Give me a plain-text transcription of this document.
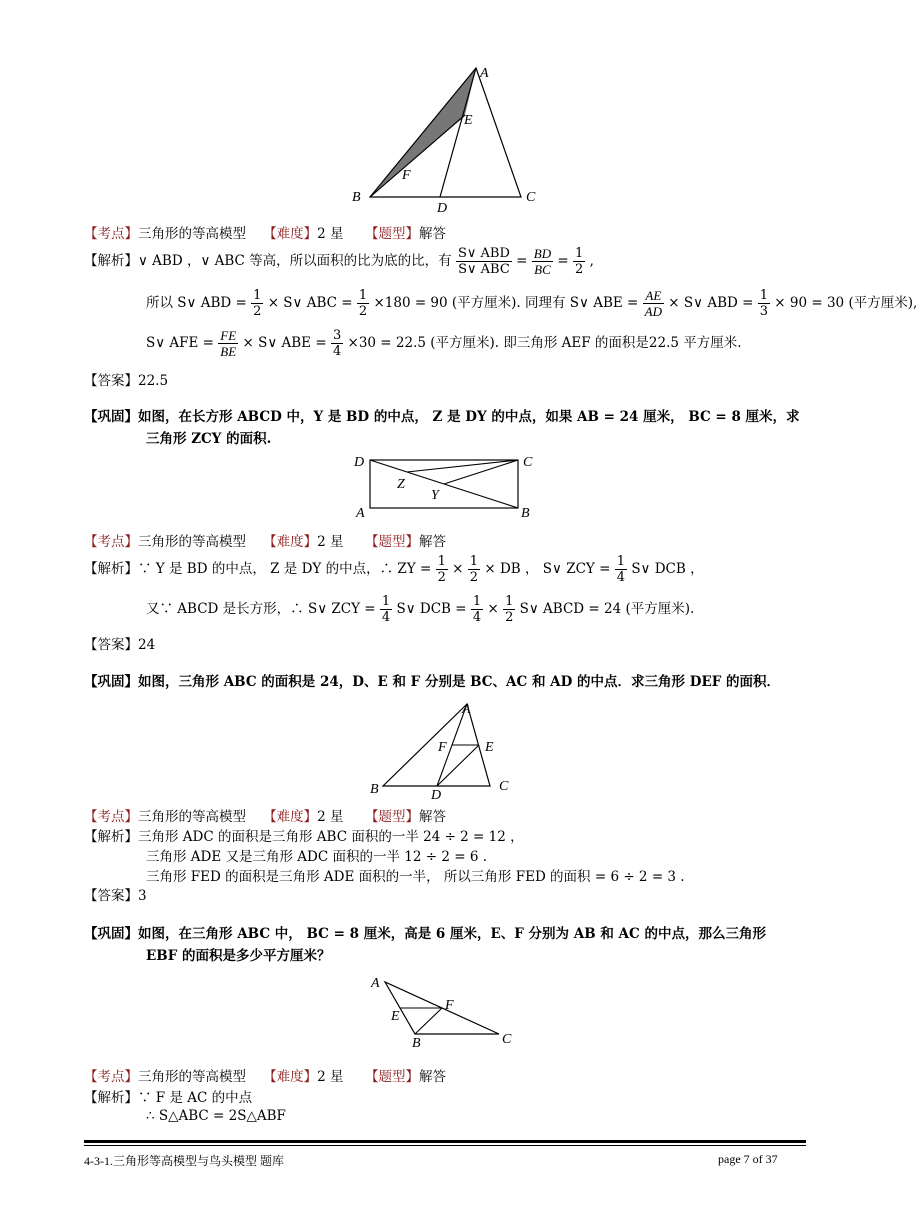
A
E
F
B
D
C
【考点】三角形的等高模型 【难度】2 星 【题型】解答
【解析】∨ ABD ，∨ ABC 等高，所以面积的比为底的比，有 $\frac{\text{S∨ ABD}}{\text{S∨ ABC}} = \frac{BD}{BC} = \frac{1}{2}$ ,
所以 S∨ ABD = $\frac{1}{2}$ × S∨ ABC = $\frac{1}{2} \times 180 = 90$ (平方厘米). 同理有 S∨ ABE = $\frac{AE}{AD}$ × S∨ ABD = $\frac{1}{3} \times 90 = 30$ (平方厘米),
S∨ AFE = $\frac{FE}{BE}$ × S∨ ABE = $\frac{3}{4} \times 30 = 22.5$ (平方厘米). 即三角形 AEF 的面积是22.5 平方厘米.
【答案】22.5
【巩固】如图，在长方形 ABCD 中，Y 是 BD 的中点， Z 是 DY 的中点，如果 AB = 24 厘米， BC = 8 厘米，求
三角形 ZCY 的面积.
D	C
Z
Y
A	B
【考点】三角形的等高模型 【难度】2 星 【题型】解答
【解析】∵ Y 是 BD 的中点， Z 是 DY 的中点，∴ ZY = $\frac{1}{2} \times \frac{1}{2}$ × DB ， S∨ ZCY = $\frac{1}{4}$ S∨ DCB ，
又∵ ABCD 是长方形，∴ S∨ ZCY = $\frac{1}{4}$ S∨ DCB = $\frac{1}{4} \times \frac{1}{2}$ S∨ ABCD = 24 (平方厘米).
【答案】24
【巩固】如图，三角形 ABC 的面积是 24，D、E 和 F 分别是 BC、AC 和 AD 的中点．求三角形 DEF 的面积．
A
F	E
B	D
C
【考点】三角形的等高模型 【难度】2 星 【题型】解答
【解析】三角形 ADC 的面积是三角形 ABC 面积的一半 24 ÷ 2 = 12 ，
三角形 ADE 又是三角形 ADC 面积的一半 12 ÷ 2 = 6 .
三角形 FED 的面积是三角形 ADE 面积的一半， 所以三角形 FED 的面积 = 6 ÷ 2 = 3 .
【答案】3
【巩固】如图，在三角形 ABC 中， BC = 8 厘米，高是 6 厘米，E、F 分别为 AB 和 AC 的中点，那么三角形
EBF 的面积是多少平方厘米？
A
F
E
B	C
【考点】三角形的等高模型 【难度】2 星 【题型】解答
【解析】∵ F 是 AC 的中点
∴ S△ABC = 2S△ABF
4-3-1.三角形等高模型与鸟头模型 题库	page 7 of 37
